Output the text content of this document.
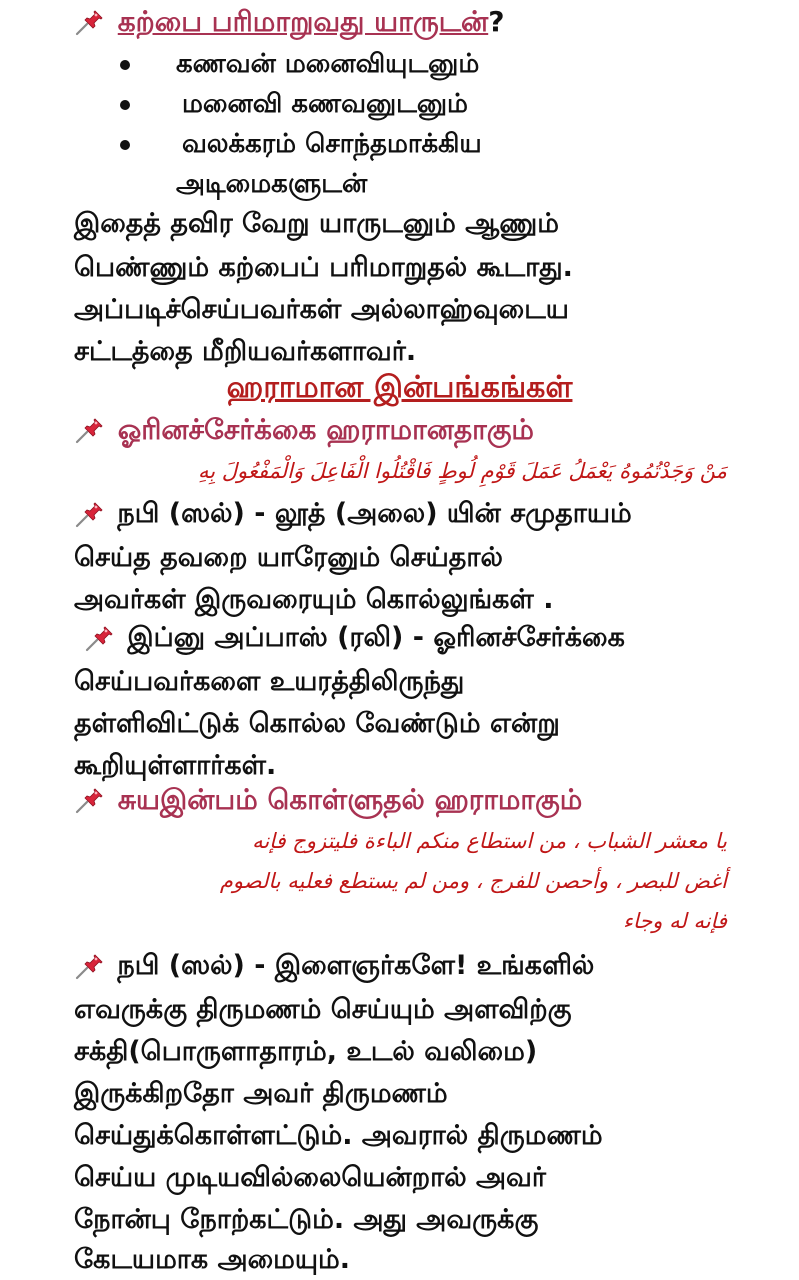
கற்பை பரிமாறுவது யாருடன்?
கணவன் மனைவியுடனும்
மனைவி கணவனுடனும்
வலக்கரம் சொந்தமாக்கிய
அடிமைகளுடன்
இதைத் தவிர வேறு யாருடனும் ஆணும்
பெண்ணும் கற்பைப் பரிமாறுதல் கூடாது.
அப்படிச்செய்பவர்கள் அல்லாஹ்வுடைய
சட்டத்தை மீறியவர்களாவர்.
ஹராமான இன்பங்கங்கள்
ஓரினச்சேர்க்கை ஹராமானதாகும்
مَنْ وَجَدْتُمُوهُ يَعْمَلُ عَمَلَ قَوْمِ لُوطٍ فَاقْتُلُوا الْفَاعِلَ وَالْمَفْعُولَ بِهِ
நபி (ஸல்) - லூத் (அலை) யின் சமுதாயம்
செய்த தவறை யாரேனும் செய்தால்
அவர்கள் இருவரையும் கொல்லுங்கள் .
இப்னு அப்பாஸ் (ரலி) - ஓரினச்சேர்க்கை
செய்பவர்களை உயரத்திலிருந்து
தள்ளிவிட்டுக் கொல்ல வேண்டும் என்று
கூறியுள்ளார்கள்.
சுயஇன்பம் கொள்ளுதல் ஹராமாகும்
يا معشر الشباب ، من استطاع منكم الباءة فليتزوج فإنه
أغض للبصر ، وأحصن للفرج ، ومن لم يستطع فعليه بالصوم
فإنه له وجاء
நபி (ஸல்) - இளைஞர்களே! உங்களில்
எவருக்கு திருமணம் செய்யும் அளவிற்கு
சக்தி(பொருளாதாரம், உடல் வலிமை)
இருக்கிறதோ அவர் திருமணம்
செய்துக்கொள்ளட்டும். அவரால் திருமணம்
செய்ய முடியவில்லையென்றால் அவர்
நோன்பு நோற்கட்டும். அது அவருக்கு
கேடயமாக அமையும்.
